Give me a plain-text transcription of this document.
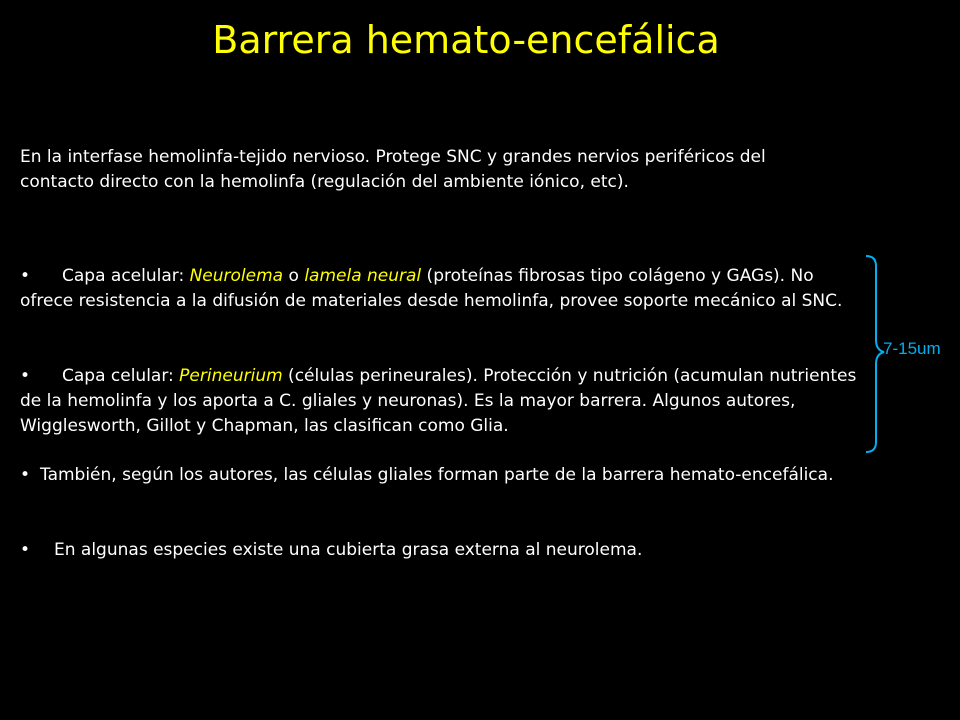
Barrera hemato-encefálica

En la interfase hemolinfa-tejido nervioso. Protege SNC y grandes nervios periféricos del contacto directo con la hemolinfa (regulación del ambiente iónico, etc).

• Capa acelular: Neurolema o lamela neural (proteínas fibrosas tipo colágeno y GAGs). No ofrece resistencia a la difusión de materiales desde hemolinfa, provee soporte mecánico al SNC.

• Capa celular: Perineurium (células perineurales). Protección y nutrición (acumulan nutrientes de la hemolinfa y los aporta a C. gliales y neuronas). Es la mayor barrera. Algunos autores, Wigglesworth, Gillot y Chapman, las clasifican como Glia.

• También, según los autores, las células gliales forman parte de la barrera hemato-encefálica.

• En algunas especies existe una cubierta grasa externa al neurolema.

7-15um
